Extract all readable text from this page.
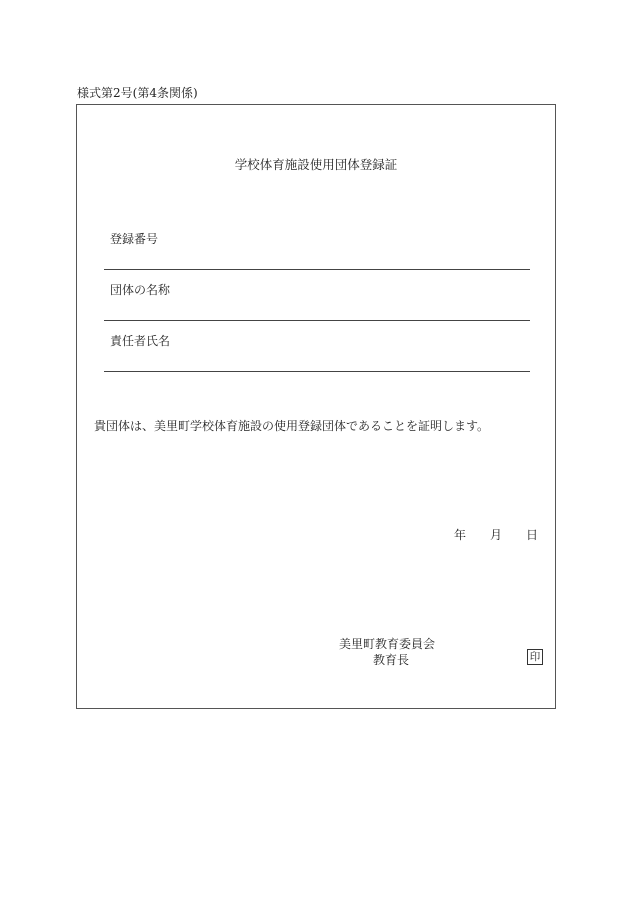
様式第2号(第4条関係)
学校体育施設使用団体登録証
登録番号
団体の名称
責任者氏名
貴団体は、美里町学校体育施設の使用登録団体であることを証明します。
年 月 日
美里町教育委員会
教育長	印
